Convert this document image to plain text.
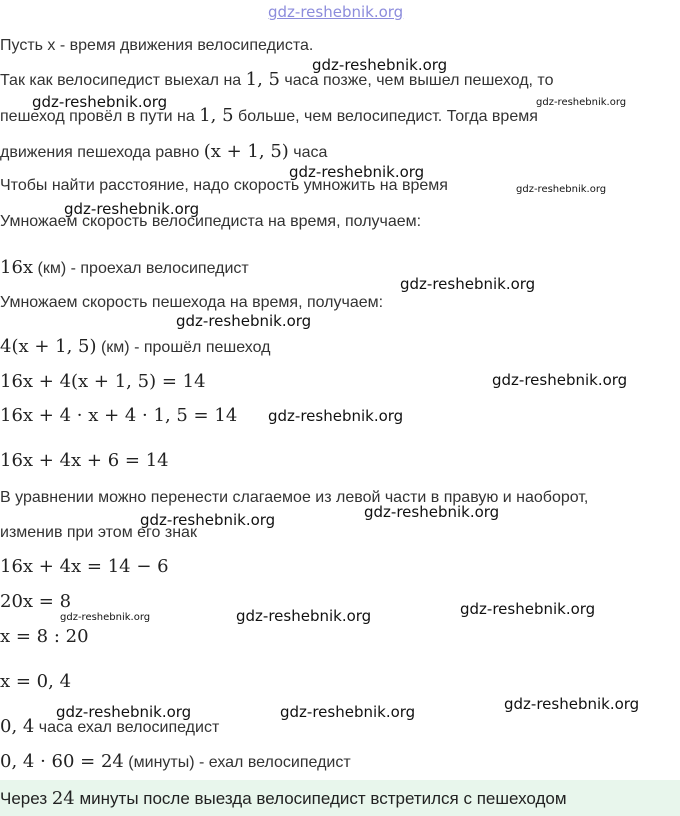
gdz-reshebnik.org
Пусть x - время движения велосипедиста.
Так как велосипедист выехал на 1, 5 часа позже, чем вышел пешеход, то
пешеход провёл в пути на 1, 5 больше, чем велосипедист. Тогда время
движения пешехода равно (x + 1, 5) часа
Чтобы найти расстояние, надо скорость умножить на время
Умножаем скорость велосипедиста на время, получаем:
16x (км) - проехал велосипедист
Умножаем скорость пешехода на время, получаем:
4(x + 1, 5) (км) - прошёл пешеход
16x + 4(x + 1, 5) = 14
16x + 4 · x + 4 · 1, 5 = 14
16x + 4x + 6 = 14
В уравнении можно перенести слагаемое из левой части в правую и наоборот,
изменив при этом его знак
16x + 4x = 14 − 6
20x = 8
x = 8 : 20
x = 0, 4
0, 4 часа ехал велосипедист
0, 4 · 60 = 24 (минуты) - ехал велосипедист
Через 24 минуты после выезда велосипедист встретился с пешеходом
gdz-reshebnik.org
gdz-reshebnik.org	gdz-reshebnik.org
gdz-reshebnik.org
gdz-reshebnik.org
gdz-reshebnik.org
gdz-reshebnik.org
gdz-reshebnik.org
gdz-reshebnik.org
gdz-reshebnik.org
gdz-reshebnik.org
gdz-reshebnik.org
gdz-reshebnik.org
gdz-reshebnik.org	gdz-reshebnik.org
gdz-reshebnik.org
gdz-reshebnik.org	gdz-reshebnik.org
